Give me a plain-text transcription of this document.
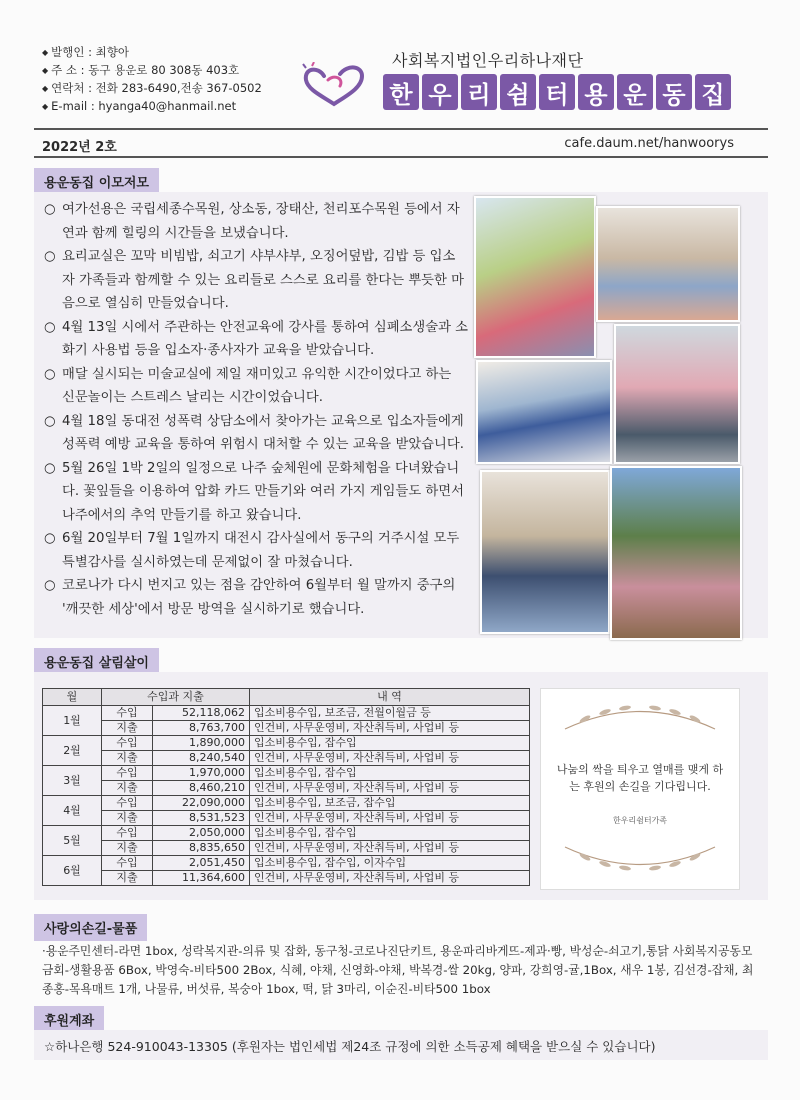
◆ 발행인 : 최향아
◆ 주 소 : 동구 용운로 80 308동 403호
◆ 연락처 : 전화 283-6490,전송 367-0502
◆ E-mail : hyanga40@hanmail.net
사회복지법인우리하나재단
한 우 리 쉼 터 용 운 동 집
2022년 2호	cafe.daum.net/hanwoorys
용운동집 이모저모
○ 여가선용은 국립세종수목원, 상소동, 장태산, 천리포수목원 등에서 자연과 함께 힐링의 시간들을 보냈습니다.
○ 요리교실은 꼬막 비빔밥, 쇠고기 샤부샤부, 오징어덮밥, 김밥 등 입소자 가족들과 함께할 수 있는 요리들로 스스로 요리를 한다는 뿌듯한 마음으로 열심히 만들었습니다.
○ 4월 13일 시에서 주관하는 안전교육에 강사를 통하여 심폐소생술과 소화기 사용법 등을 입소자·종사자가 교육을 받았습니다.
○ 매달 실시되는 미술교실에 제일 재미있고 유익한 시간이었다고 하는 신문놀이는 스트레스 날리는 시간이었습니다.
○ 4월 18일 동대전 성폭력 상담소에서 찾아가는 교육으로 입소자들에게 성폭력 예방 교육을 통하여 위험시 대처할 수 있는 교육을 받았습니다.
○ 5월 26일 1박 2일의 일정으로 나주 숲체원에 문화체험을 다녀왔습니다. 꽃잎들을 이용하여 압화 카드 만들기와 여러 가지 게임들도 하면서 나주에서의 추억 만들기를 하고 왔습니다.
○ 6월 20일부터 7월 1일까지 대전시 감사실에서 동구의 거주시설 모두 특별감사를 실시하였는데 문제없이 잘 마쳤습니다.
○ 코로나가 다시 번지고 있는 점을 감안하여 6월부터 월 말까지 중구의 '깨끗한 세상'에서 방문 방역을 실시하기로 했습니다.
용운동집 살림살이
월	수입과 지출		내 역
1월	수입	52,118,062	입소비용수입, 보조금, 전월이월금 등
	지출	8,763,700	인건비, 사무운영비, 자산취득비, 사업비 등
2월	수입	1,890,000	입소비용수입, 잡수입
	지출	8,240,540	인건비, 사무운영비, 자산취득비, 사업비 등
3월	수입	1,970,000	입소비용수입, 잡수입
	지출	8,460,210	인건비, 사무운영비, 자산취득비, 사업비 등
4월	수입	22,090,000	입소비용수입, 보조금, 잡수입
	지출	8,531,523	인건비, 사무운영비, 자산취득비, 사업비 등
5월	수입	2,050,000	입소비용수입, 잡수입
	지출	8,835,650	인건비, 사무운영비, 자산취득비, 사업비 등
6월	수입	2,051,450	입소비용수입, 잡수입, 이자수입
	지출	11,364,600	인건비, 사무운영비, 자산취득비, 사업비 등
나눔의 싹을 틔우고 열매를 맺게 하는 후원의 손길을 기다립니다.
한우리쉼터가족
사랑의손길-물품
·용운주민센터-라면 1box, 성락복지관-의류 및 잡화, 동구청-코로나진단키트, 용운파리바게뜨-제과·빵, 박성순-쇠고기,통닭 사회복지공동모금회-생활용품 6Box, 박영숙-비타500 2Box, 식혜, 야채, 신영화-야채, 박복경-쌀 20kg, 양파, 강희영-귤,1Box, 새우 1봉, 김선경-잡채, 최종홍-목욕매트 1개, 나물류, 버섯류, 복숭아 1box, 떡, 닭 3마리, 이순진-비타500 1box
후원계좌
☆하나은행 524-910043-13305 (후원자는 법인세법 제24조 규정에 의한 소득공제 혜택을 받으실 수 있습니다)
